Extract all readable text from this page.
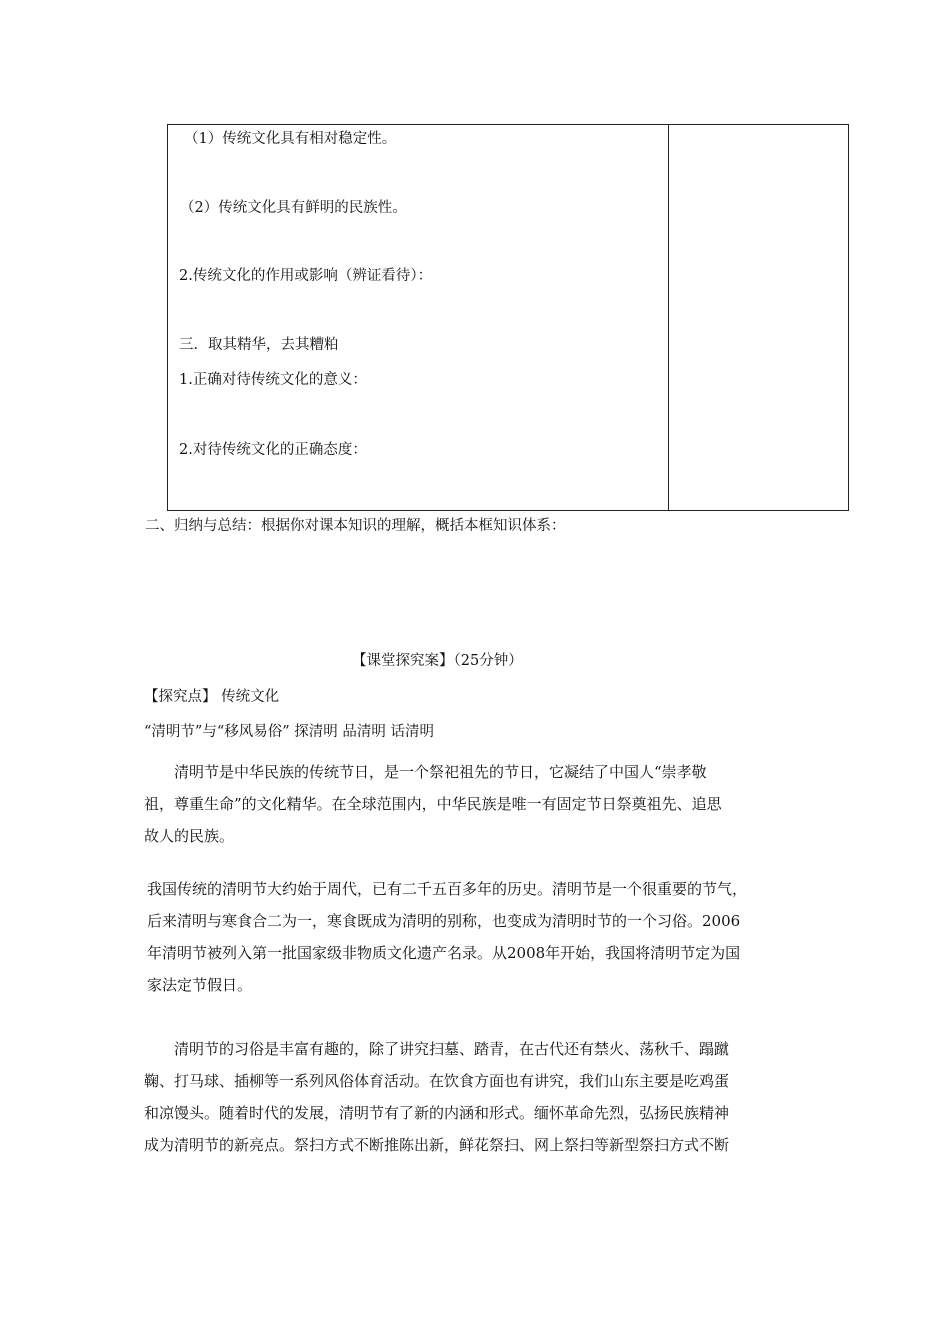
（1）传统文化具有相对稳定性。
（2）传统文化具有鲜明的民族性。
2.传统文化的作用或影响（辨证看待）：
三．取其精华，去其糟粕
1.正确对待传统文化的意义：
2.对待传统文化的正确态度：
二、归纳与总结：根据你对课本知识的理解，概括本框知识体系：
【课堂探究案】（25分钟）
【探究点】 传统文化
“清明节”与“移风易俗” 探清明 品清明 话清明
　　清明节是中华民族的传统节日，是一个祭祀祖先的节日，它凝结了中国人“崇孝敬
祖，尊重生命”的文化精华。在全球范围内，中华民族是唯一有固定节日祭奠祖先、追思
故人的民族。
我国传统的清明节大约始于周代，已有二千五百多年的历史。清明节是一个很重要的节气，
后来清明与寒食合二为一，寒食既成为清明的别称，也变成为清明时节的一个习俗。2006
年清明节被列入第一批国家级非物质文化遗产名录。从2008年开始，我国将清明节定为国
家法定节假日。
　　清明节的习俗是丰富有趣的，除了讲究扫墓、踏青，在古代还有禁火、荡秋千、蹋蹴
鞠、打马球、插柳等一系列风俗体育活动。在饮食方面也有讲究，我们山东主要是吃鸡蛋
和凉馒头。随着时代的发展，清明节有了新的内涵和形式。缅怀革命先烈，弘扬民族精神
成为清明节的新亮点。祭扫方式不断推陈出新，鲜花祭扫、网上祭扫等新型祭扫方式不断
